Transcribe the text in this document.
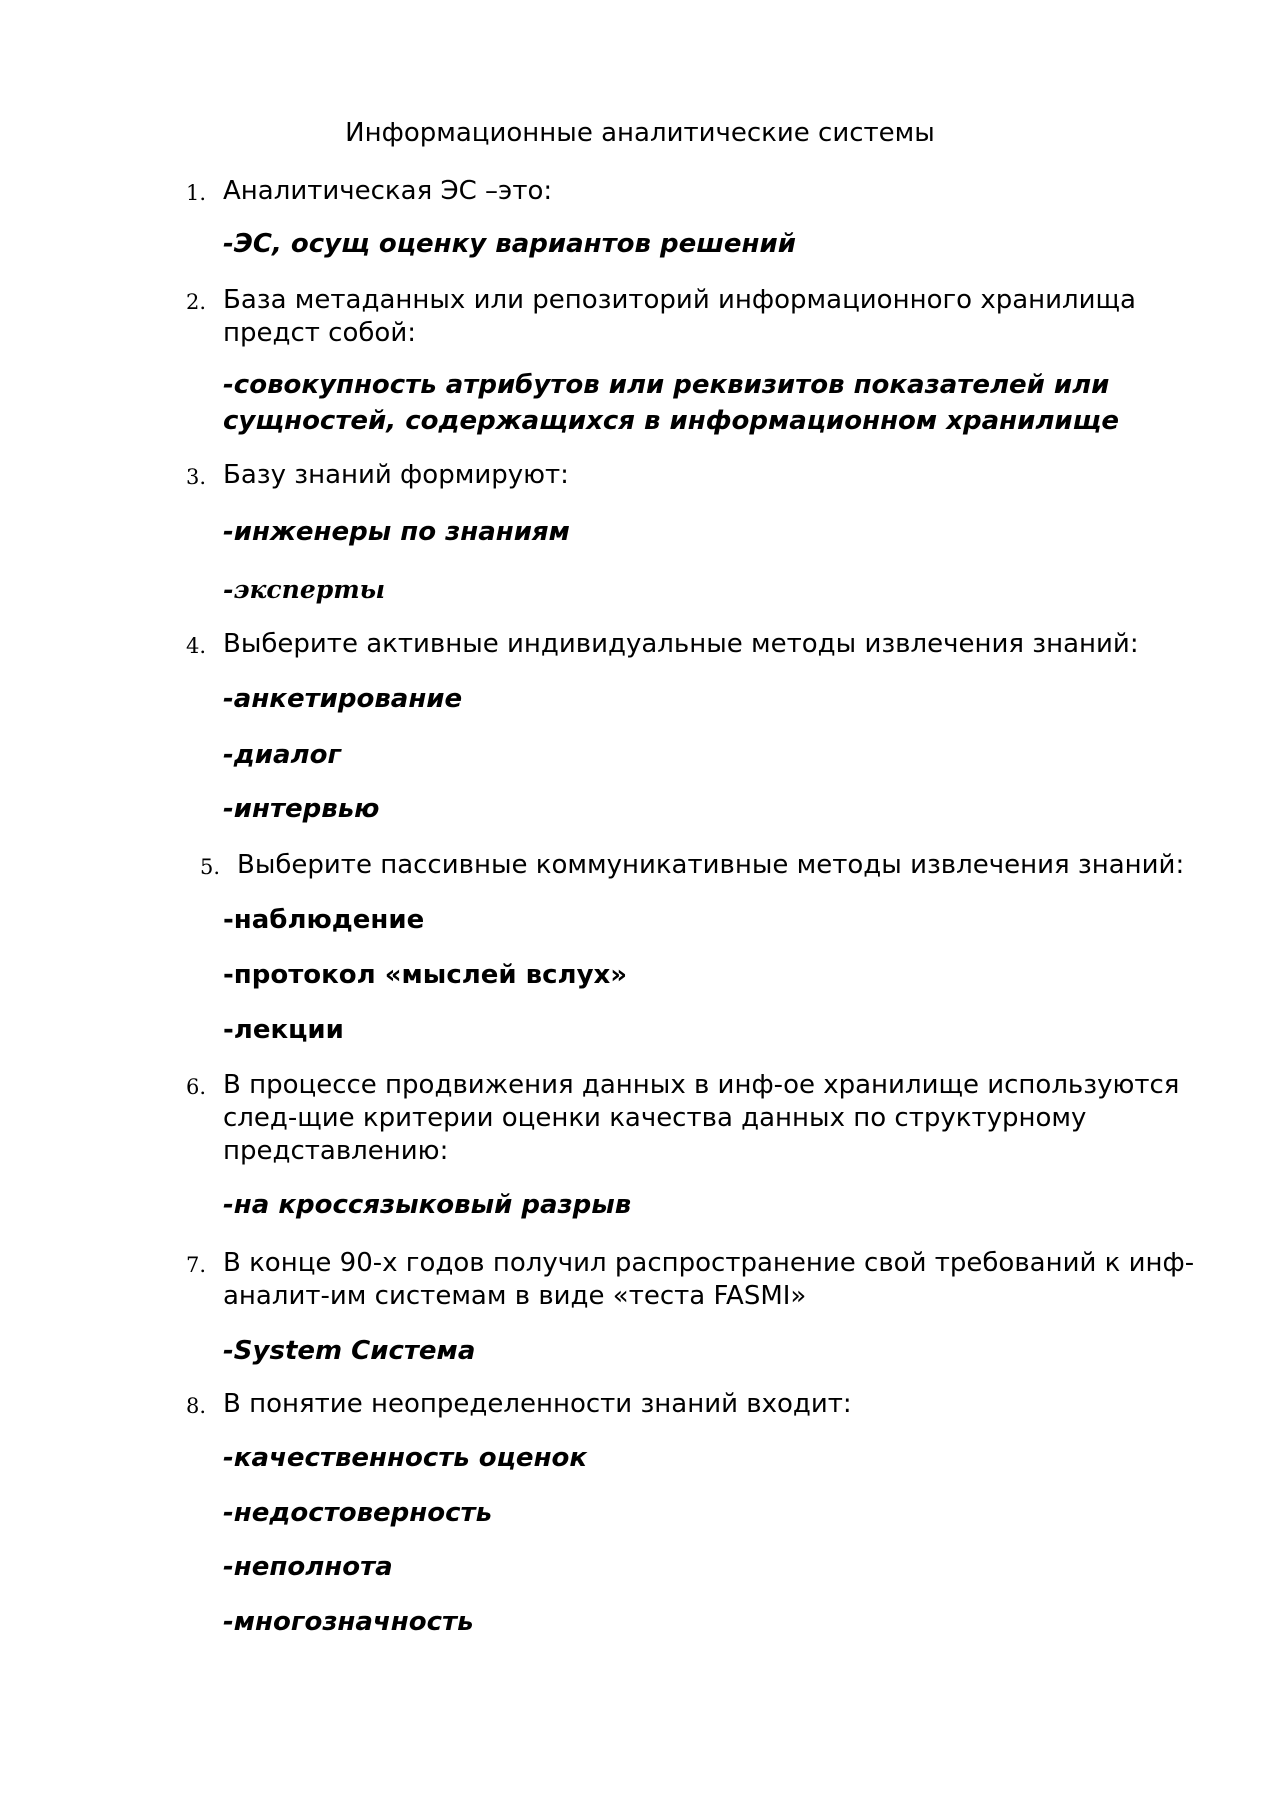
Информационные аналитические системы
1. Аналитическая ЭС –это:
-ЭС, осущ оценку вариантов решений
2. База метаданных или репозиторий информационного хранилища предст собой:
-совокупность атрибутов или реквизитов показателей или сущностей, содержащихся в информационном хранилище
3. Базу знаний формируют:
-инженеры по знаниям
-эксперты
4. Выберите активные индивидуальные методы извлечения знаний:
-анкетирование
-диалог
-интервью
5. Выберите пассивные коммуникативные методы извлечения знаний:
-наблюдение
-протокол «мыслей вслух»
-лекции
6. В процессе продвижения данных в инф-ое хранилище используются след-щие критерии оценки качества данных по структурному представлению:
-на кроссязыковый разрыв
7. В конце 90-х годов получил распространение свой требований к инф-аналит-им системам в виде «теста FASMI»
-System Система
8. В понятие неопределенности знаний входит:
-качественность оценок
-недостоверность
-неполнота
-многозначность
